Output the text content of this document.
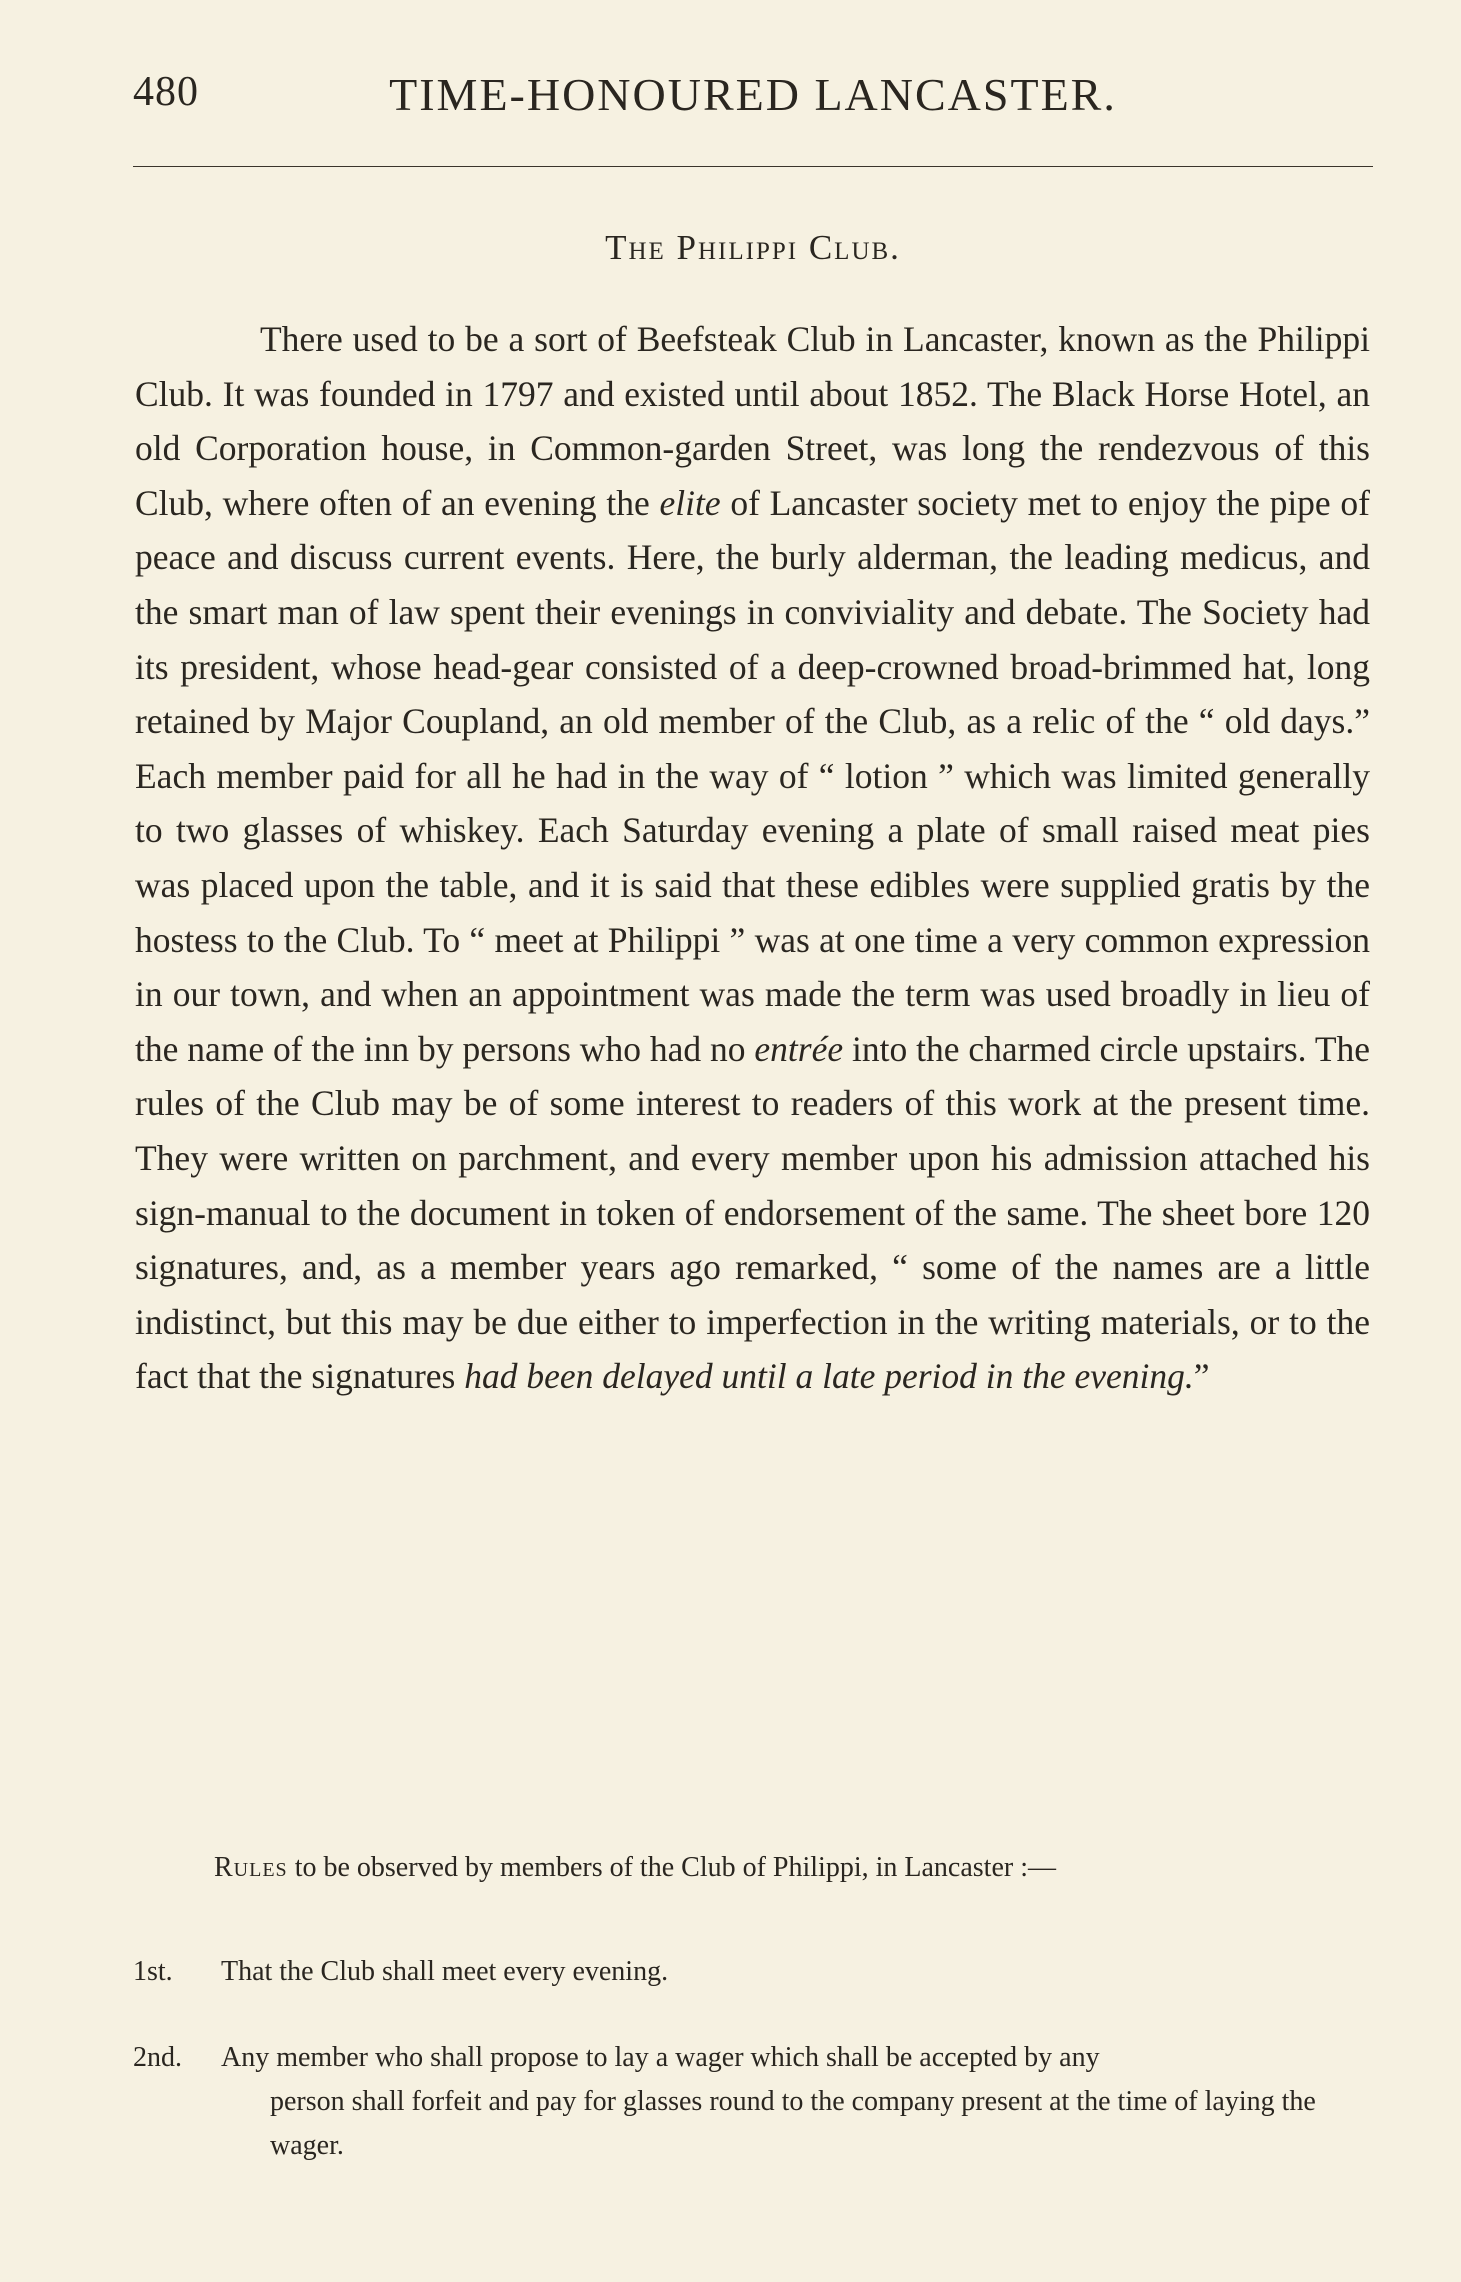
480	TIME-HONOURED LANCASTER.
The Philippi Club.

There used to be a sort of Beefsteak Club in Lancaster, known as the Philippi Club. It was founded in 1797 and existed until about 1852. The Black Horse Hotel, an old Corporation house, in Common-garden Street, was long the rendezvous of this Club, where often of an evening the elite of Lancaster society met to enjoy the pipe of peace and discuss current events. Here, the burly alderman, the leading medicus, and the smart man of law spent their evenings in conviviality and debate. The Society had its president, whose head-gear consisted of a deep-crowned broad-brimmed hat, long retained by Major Coupland, an old member of the Club, as a relic of the “ old days.” Each member paid for all he had in the way of “ lotion ” which was limited generally to two glasses of whiskey. Each Saturday evening a plate of small raised meat pies was placed upon the table, and it is said that these edibles were supplied gratis by the hostess to the Club. To “ meet at Philippi ” was at one time a very common expression in our town, and when an appointment was made the term was used broadly in lieu of the name of the inn by persons who had no entrée into the charmed circle upstairs. The rules of the Club may be of some interest to readers of this work at the present time. They were written on parchment, and every member upon his admission attached his sign-manual to the document in token of endorsement of the same. The sheet bore 120 signatures, and, as a member years ago remarked, “ some of the names are a little indistinct, but this may be due either to imperfection in the writing materials, or to the fact that the signatures had been delayed until a late period in the evening.”

Rules to be observed by members of the Club of Philippi, in Lancaster :—

1st. That the Club shall meet every evening.

2nd. Any member who shall propose to lay a wager which shall be accepted by any
person shall forfeit and pay for glasses round to the company present at the time of laying the wager.
